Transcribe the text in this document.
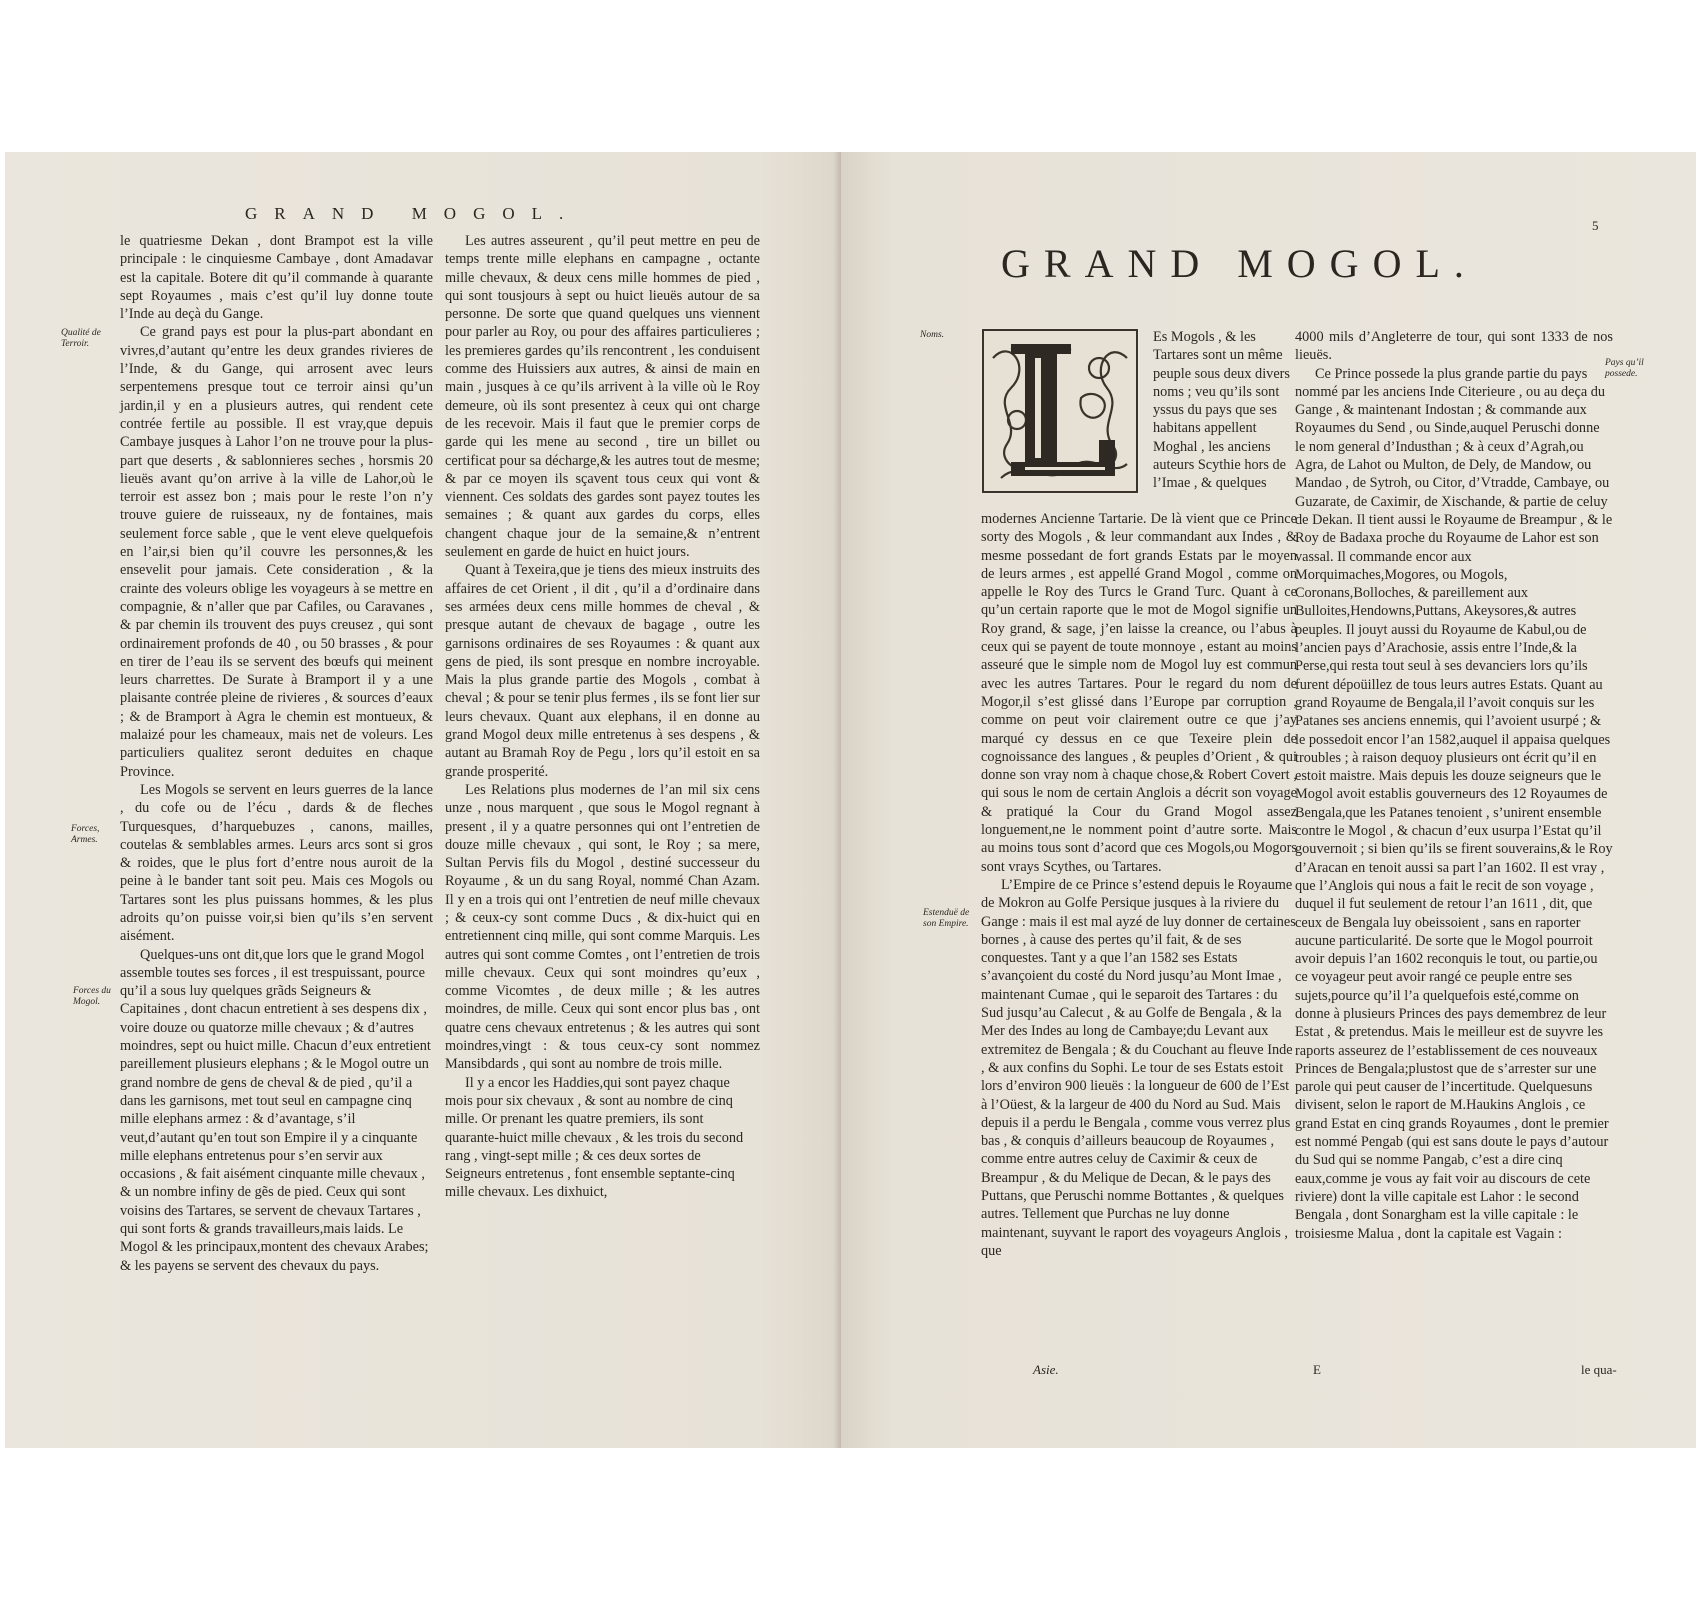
GRAND MOGOL.
Qualité de Terroir.
Forces, Armes.
Forces du Mogol.

le quatriesme Dekan , dont Brampot est la ville principale : le cinquiesme Cambaye , dont Amadavar est la capitale. Botere dit qu’il commande à quarante sept Royaumes , mais c’est qu’il luy donne toute l’Inde au deçà du Gange.

Ce grand pays est pour la plus-part abondant en vivres,d’autant qu’entre les deux grandes rivieres de l’Inde, & du Gange, qui arrosent avec leurs serpentemens presque tout ce terroir ainsi qu’un jardin,il y en a plusieurs autres, qui rendent cete contrée fertile au possible. Il est vray,que depuis Cambaye jusques à Lahor l’on ne trouve pour la plus-part que deserts , & sablonnieres seches , horsmis 20 lieuës avant qu’on arrive à la ville de Lahor,où le terroir est assez bon ; mais pour le reste l’on n’y trouve guiere de ruisseaux, ny de fontaines, mais seulement force sable , que le vent eleve quelquefois en l’air,si bien qu’il couvre les personnes,& les ensevelit pour jamais. Cete consideration , & la crainte des voleurs oblige les voyageurs à se mettre en compagnie, & n’aller que par Cafiles, ou Caravanes , & par chemin ils trouvent des puys creusez , qui sont ordinairement profonds de 40 , ou 50 brasses , & pour en tirer de l’eau ils se servent des bœufs qui meinent leurs charrettes. De Surate à Bramport il y a une plaisante contrée pleine de rivieres , & sources d’eaux ; & de Bramport à Agra le chemin est montueux, & malaizé pour les chameaux, mais net de voleurs. Les particuliers qualitez seront deduites en chaque Province.

Les Mogols se servent en leurs guerres de la lance , du cofe ou de l’écu , dards & de fleches Turquesques, d’harquebuzes , canons, mailles, coutelas & semblables armes. Leurs arcs sont si gros & roides, que le plus fort d’entre nous auroit de la peine à le bander tant soit peu. Mais ces Mogols ou Tartares sont les plus puissans hommes, & les plus adroits qu’on puisse voir,si bien qu’ils s’en servent aisément.

Quelques-uns ont dit,que lors que le grand Mogol assemble toutes ses forces , il est trespuissant, pource qu’il a sous luy quelques grãds Seigneurs & Capitaines , dont chacun entretient à ses despens dix , voire douze ou quatorze mille chevaux ; & d’autres moindres, sept ou huict mille. Chacun d’eux entretient pareillement plusieurs elephans ; & le Mogol outre un grand nombre de gens de cheval & de pied , qu’il a dans les garnisons, met tout seul en campagne cinq mille elephans armez : & d’avantage, s’il veut,d’autant qu’en tout son Empire il y a cinquante mille elephans entretenus pour s’en servir aux occasions , & fait aisément cinquante mille chevaux , & un nombre infiny de gẽs de pied. Ceux qui sont voisins des Tartares, se servent de chevaux Tartares , qui sont forts & grands travailleurs,mais laids. Le Mogol & les principaux,montent des chevaux Arabes; & les payens se servent des chevaux du pays.

Les autres asseurent , qu’il peut mettre en peu de temps trente mille elephans en campagne , octante mille chevaux, & deux cens mille hommes de pied , qui sont tousjours à sept ou huict lieuës autour de sa personne. De sorte que quand quelques uns viennent pour parler au Roy, ou pour des affaires particulieres ; les premieres gardes qu’ils rencontrent , les conduisent comme des Huissiers aux autres, & ainsi de main en main , jusques à ce qu’ils arrivent à la ville où le Roy demeure, où ils sont presentez à ceux qui ont charge de les recevoir. Mais il faut que le premier corps de garde qui les mene au second , tire un billet ou certificat pour sa décharge,& les autres tout de mesme; & par ce moyen ils sçavent tous ceux qui vont & viennent. Ces soldats des gardes sont payez toutes les semaines ; & quant aux gardes du corps, elles changent chaque jour de la semaine,& n’entrent seulement en garde de huict en huict jours.

Quant à Texeira,que je tiens des mieux instruits des affaires de cet Orient , il dit , qu’il a d’ordinaire dans ses armées deux cens mille hommes de cheval , & presque autant de chevaux de bagage , outre les garnisons ordinaires de ses Royaumes : & quant aux gens de pied, ils sont presque en nombre incroyable. Mais la plus grande partie des Mogols , combat à cheval ; & pour se tenir plus fermes , ils se font lier sur leurs chevaux. Quant aux elephans, il en donne au grand Mogol deux mille entretenus à ses despens , & autant au Bramah Roy de Pegu , lors qu’il estoit en sa grande prosperité.

Les Relations plus modernes de l’an mil six cens unze , nous marquent , que sous le Mogol regnant à present , il y a quatre personnes qui ont l’entretien de douze mille chevaux , qui sont, le Roy ; sa mere, Sultan Pervis fils du Mogol , destiné successeur du Royaume , & un du sang Royal, nommé Chan Azam. Il y en a trois qui ont l’entretien de neuf mille chevaux ; & ceux-cy sont comme Ducs , & dix-huict qui en entretiennent cinq mille, qui sont comme Marquis. Les autres qui sont comme Comtes , ont l’entretien de trois mille chevaux. Ceux qui sont moindres qu’eux , comme Vicomtes , de deux mille ; & les autres moindres, de mille. Ceux qui sont encor plus bas , ont quatre cens chevaux entretenus ; & les autres qui sont moindres,vingt : & tous ceux-cy sont nommez Mansibdards , qui sont au nombre de trois mille.

Il y a encor les Haddies,qui sont payez chaque mois pour six chevaux , & sont au nombre de cinq mille. Or prenant les quatre premiers, ils sont quarante-huict mille chevaux , & les trois du second rang , vingt-sept mille ; & ces deux sortes de Seigneurs entretenus , font ensemble septante-cinq mille chevaux. Les dixhuict,

5
GRAND MOGOL.
Noms.
Estenduë de son Empire.
Pays qu’il possede.
Es Mogols , & les Tartares sont un même peuple sous deux divers noms ; veu qu’ils sont yssus du pays que ses habitans appellent Moghal , les anciens auteurs Scythie hors de l’Imae , & quelques

modernes Ancienne Tartarie. De là vient que ce Prince sorty des Mogols , & leur commandant aux Indes , & mesme possedant de fort grands Estats par le moyen de leurs armes , est appellé Grand Mogol , comme on appelle le Roy des Turcs le Grand Turc. Quant à ce qu’un certain raporte que le mot de Mogol signifie un Roy grand, & sage, j’en laisse la creance, ou l’abus à ceux qui se payent de toute monnoye , estant au moins asseuré que le simple nom de Mogol luy est commun avec les autres Tartares. Pour le regard du nom de Mogor,il s’est glissé dans l’Europe par corruption , comme on peut voir clairement outre ce que j’ay marqué cy dessus en ce que Texeire plein de cognoissance des langues , & peuples d’Orient , & qui donne son vray nom à chaque chose,& Robert Covert , qui sous le nom de certain Anglois a décrit son voyage & pratiqué la Cour du Grand Mogol assez longuement,ne le nomment point d’autre sorte. Mais au moins tous sont d’acord que ces Mogols,ou Mogors sont vrays Scythes, ou Tartares.

L’Empire de ce Prince s’estend depuis le Royaume de Mokron au Golfe Persique jusques à la riviere du Gange : mais il est mal ayzé de luy donner de certaines bornes , à cause des pertes qu’il fait, & de ses conquestes. Tant y a que l’an 1582 ses Estats s’avançoient du costé du Nord jusqu’au Mont Imae , maintenant Cumae , qui le separoit des Tartares : du Sud jusqu’au Calecut , & au Golfe de Bengala , & la Mer des Indes au long de Cambaye;du Levant aux extremitez de Bengala ; & du Couchant au fleuve Inde , & aux confins du Sophi. Le tour de ses Estats estoit lors d’environ 900 lieuës : la longueur de 600 de l’Est à l’Oüest, & la largeur de 400 du Nord au Sud. Mais depuis il a perdu le Bengala , comme vous verrez plus bas , & conquis d’ailleurs beaucoup de Royaumes , comme entre autres celuy de Caximir & ceux de Breampur , & du Melique de Decan, & le pays des Puttans, que Peruschi nomme Bottantes , & quelques autres. Tellement que Purchas ne luy donne maintenant, suyvant le raport des voyageurs Anglois , que

4000 mils d’Angleterre de tour, qui sont 1333 de nos lieuës.

Ce Prince possede la plus grande partie du pays nommé par les anciens Inde Citerieure , ou au deça du Gange , & maintenant Indostan ; & commande aux Royaumes du Send , ou Sinde,auquel Peruschi donne le nom general d’Industhan ; & à ceux d’Agrah,ou Agra, de Lahot ou Multon, de Dely, de Mandow, ou Mandao , de Sytroh, ou Citor, d’Vtradde, Cambaye, ou Guzarate, de Caximir, de Xischande, & partie de celuy de Dekan. Il tient aussi le Royaume de Breampur , & le Roy de Badaxa proche du Royaume de Lahor est son vassal. Il commande encor aux Morquimaches,Mogores, ou Mogols, Coronans,Bolloches, & pareillement aux Bulloites,Hendowns,Puttans, Akeysores,& autres peuples. Il jouyt aussi du Royaume de Kabul,ou de l’ancien pays d’Arachosie, assis entre l’Inde,& la Perse,qui resta tout seul à ses devanciers lors qu’ils furent dépoüillez de tous leurs autres Estats. Quant au grand Royaume de Bengala,il l’avoit conquis sur les Patanes ses anciens ennemis, qui l’avoient usurpé ; & le possedoit encor l’an 1582,auquel il appaisa quelques troubles ; à raison dequoy plusieurs ont écrit qu’il en estoit maistre. Mais depuis les douze seigneurs que le Mogol avoit establis gouverneurs des 12 Royaumes de Bengala,que les Patanes tenoient , s’unirent ensemble contre le Mogol , & chacun d’eux usurpa l’Estat qu’il gouvernoit ; si bien qu’ils se firent souverains,& le Roy d’Aracan en tenoit aussi sa part l’an 1602. Il est vray , que l’Anglois qui nous a fait le recit de son voyage , duquel il fut seulement de retour l’an 1611 , dit, que ceux de Bengala luy obeissoient , sans en raporter aucune particularité. De sorte que le Mogol pourroit avoir depuis l’an 1602 reconquis le tout, ou partie,ou ce voyageur peut avoir rangé ce peuple entre ses sujets,pource qu’il l’a quelquefois esté,comme on donne à plusieurs Princes des pays demembrez de leur Estat , & pretendus. Mais le meilleur est de suyvre les raports asseurez de l’establissement de ces nouveaux Princes de Bengala;plustost que de s’arrester sur une parole qui peut causer de l’incertitude. Quelquesuns divisent, selon le raport de M.Haukins Anglois , ce grand Estat en cinq grands Royaumes , dont le premier est nommé Pengab (qui est sans doute le pays d’autour du Sud qui se nomme Pangab, c’est a dire cinq eaux,comme je vous ay fait voir au discours de cete riviere) dont la ville capitale est Lahor : le second Bengala , dont Sonargham est la ville capitale : le troisiesme Malua , dont la capitale est Vagain :

Asie.	E	le qua-
